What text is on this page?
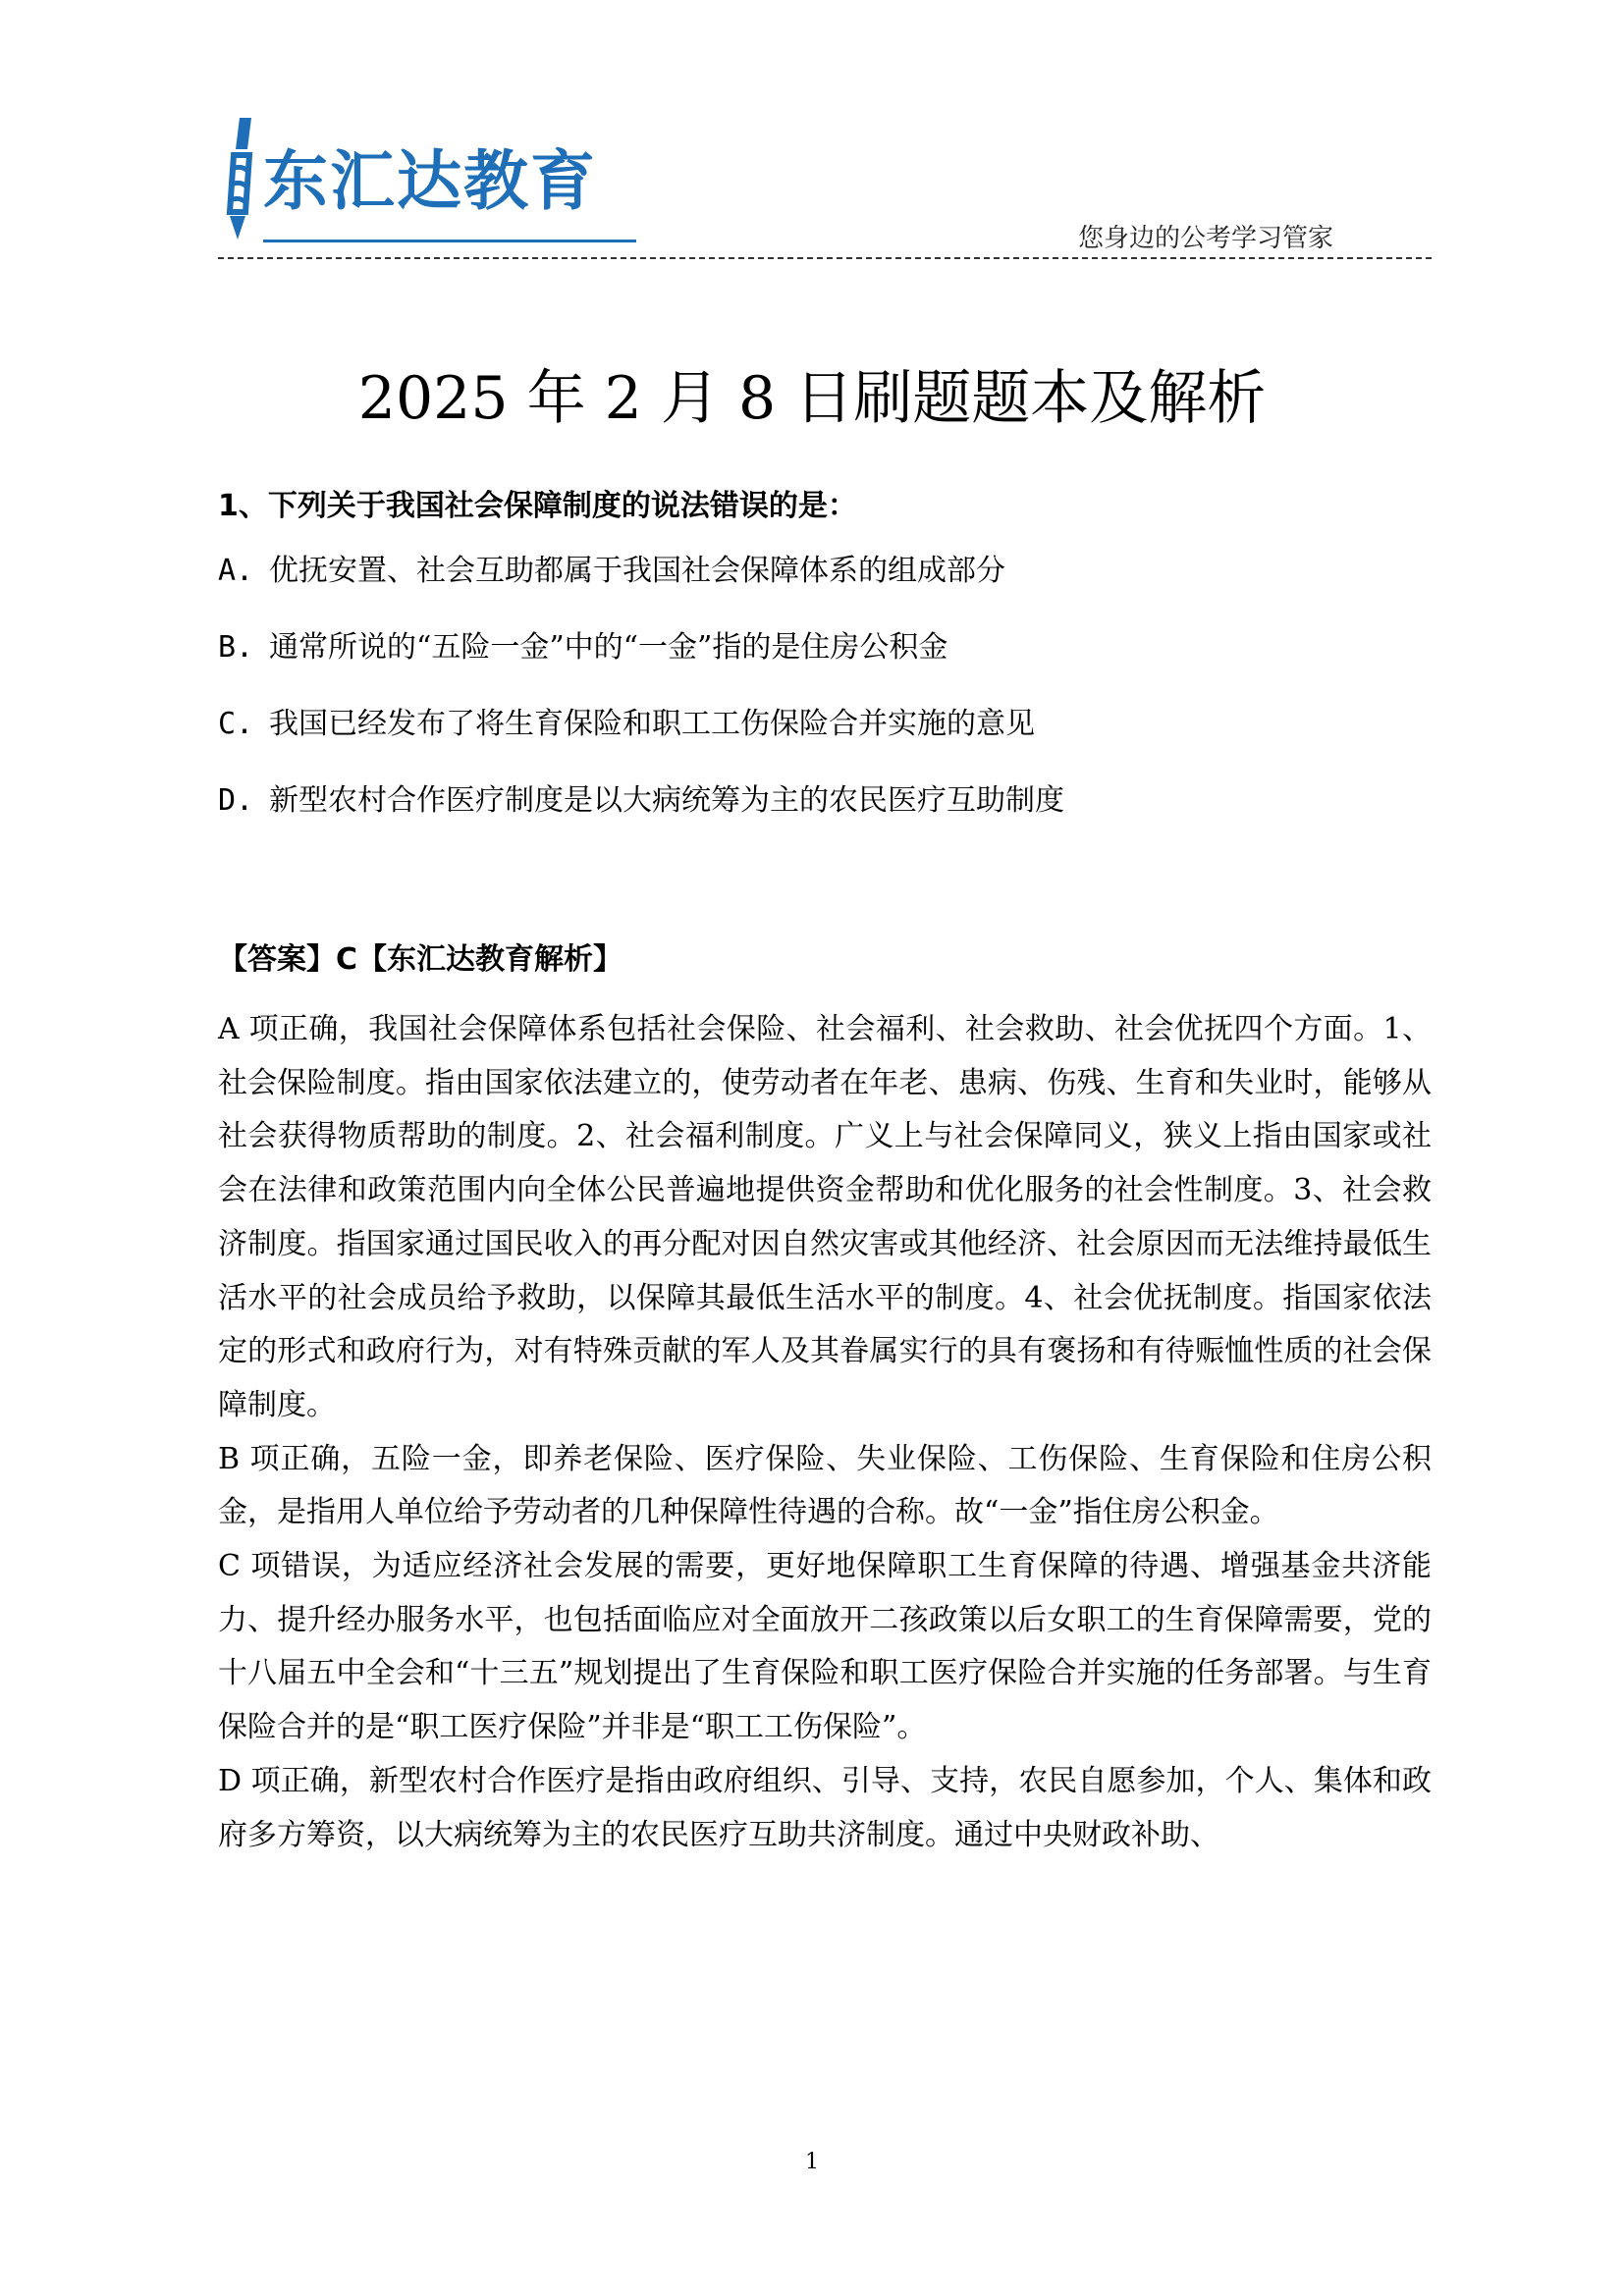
东汇达教育
您身边的公考学习管家
2025 年 2 月 8 日刷题题本及解析
1、下列关于我国社会保障制度的说法错误的是：
A. 优抚安置、社会互助都属于我国社会保障体系的组成部分
B. 通常所说的“五险一金”中的“一金”指的是住房公积金
C. 我国已经发布了将生育保险和职工工伤保险合并实施的意见
D. 新型农村合作医疗制度是以大病统筹为主的农民医疗互助制度
【答案】C【东汇达教育解析】

A 项正确，我国社会保障体系包括社会保险、社会福利、社会救助、社会优抚四个方面。1、社会保险制度。指由国家依法建立的，使劳动者在年老、患病、伤残、生育和失业时，能够从社会获得物质帮助的制度。2、社会福利制度。广义上与社会保障同义，狭义上指由国家或社会在法律和政策范围内向全体公民普遍地提供资金帮助和优化服务的社会性制度。3、社会救济制度。指国家通过国民收入的再分配对因自然灾害或其他经济、社会原因而无法维持最低生活水平的社会成员给予救助，以保障其最低生活水平的制度。4、社会优抚制度。指国家依法定的形式和政府行为，对有特殊贡献的军人及其眷属实行的具有褒扬和有待赈恤性质的社会保障制度。

B 项正确，五险一金，即养老保险、医疗保险、失业保险、工伤保险、生育保险和住房公积金，是指用人单位给予劳动者的几种保障性待遇的合称。故“一金”指住房公积金。

C 项错误，为适应经济社会发展的需要，更好地保障职工生育保障的待遇、增强基金共济能力、提升经办服务水平，也包括面临应对全面放开二孩政策以后女职工的生育保障需要，党的十八届五中全会和“十三五”规划提出了生育保险和职工医疗保险合并实施的任务部署。与生育保险合并的是“职工医疗保险”并非是“职工工伤保险”。

D 项正确，新型农村合作医疗是指由政府组织、引导、支持，农民自愿参加，个人、集体和政府多方筹资，以大病统筹为主的农民医疗互助共济制度。通过中央财政补助、

1
